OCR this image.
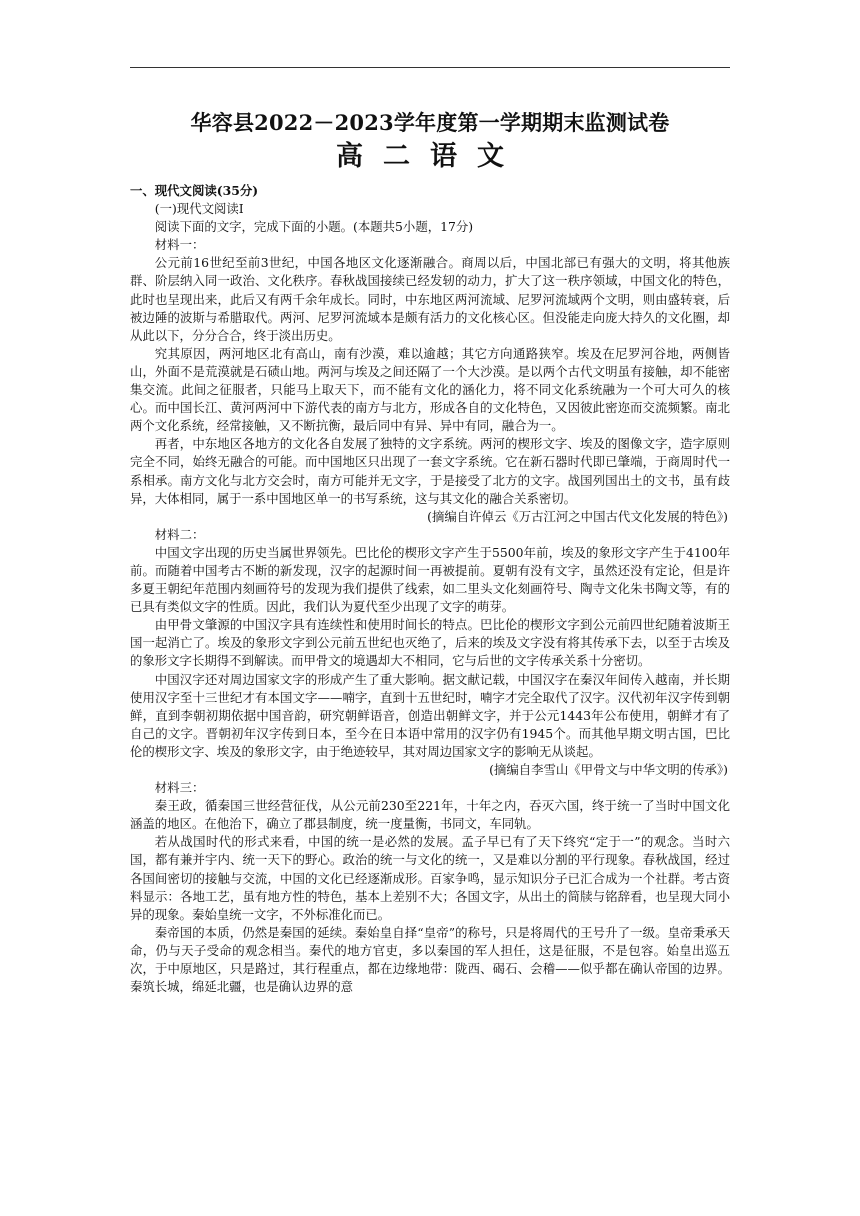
华容县2022－2023学年度第一学期期末监测试卷
高二语文

一、现代文阅读(35分)

(一)现代文阅读Ⅰ

阅读下面的文字，完成下面的小题。(本题共5小题，17分)

材料一：

公元前16世纪至前3世纪，中国各地区文化逐渐融合。商周以后，中国北部已有强大的文明，将其他族群、阶层纳入同一政治、文化秩序。春秋战国接续已经发轫的动力，扩大了这一秩序领域，中国文化的特色，此时也呈现出来，此后又有两千余年成长。同时，中东地区两河流域、尼罗河流域两个文明，则由盛转衰，后被边陲的波斯与希腊取代。两河、尼罗河流域本是颇有活力的文化核心区。但没能走向庞大持久的文化圈，却从此以下，分分合合，终于淡出历史。

究其原因，两河地区北有高山，南有沙漠，难以逾越；其它方向通路狭窄。埃及在尼罗河谷地，两侧皆山，外面不是荒漠就是石碛山地。两河与埃及之间还隔了一个大沙漠。是以两个古代文明虽有接触，却不能密集交流。此间之征服者，只能马上取天下，而不能有文化的涵化力，将不同文化系统融为一个可大可久的核心。而中国长江、黄河两河中下游代表的南方与北方，形成各自的文化特色，又因彼此密迩而交流频繁。南北两个文化系统，经常接触，又不断抗衡，最后同中有异、异中有同，融合为一。

再者，中东地区各地方的文化各自发展了独特的文字系统。两河的楔形文字、埃及的图像文字，造字原则完全不同，始终无融合的可能。而中国地区只出现了一套文字系统。它在新石器时代即已肇端，于商周时代一系相承。南方文化与北方交会时，南方可能并无文字，于是接受了北方的文字。战国列国出土的文书，虽有歧异，大体相同，属于一系中国地区单一的书写系统，这与其文化的融合关系密切。

(摘编自许倬云《万古江河之中国古代文化发展的特色》)

材料二：

中国文字出现的历史当属世界领先。巴比伦的楔形文字产生于5500年前，埃及的象形文字产生于4100年前。而随着中国考古不断的新发现，汉字的起源时间一再被提前。夏朝有没有文字，虽然还没有定论，但是许多夏王朝纪年范围内刻画符号的发现为我们提供了线索，如二里头文化刻画符号、陶寺文化朱书陶文等，有的已具有类似文字的性质。因此，我们认为夏代至少出现了文字的萌芽。

由甲骨文肇源的中国汉字具有连续性和使用时间长的特点。巴比伦的楔形文字到公元前四世纪随着波斯王国一起消亡了。埃及的象形文字到公元前五世纪也灭绝了，后来的埃及文字没有将其传承下去，以至于古埃及的象形文字长期得不到解读。而甲骨文的境遇却大不相同，它与后世的文字传承关系十分密切。

中国汉字还对周边国家文字的形成产生了重大影响。据文献记载，中国汉字在秦汉年间传入越南，并长期使用汉字至十三世纪才有本国文字——喃字，直到十五世纪时，喃字才完全取代了汉字。汉代初年汉字传到朝鲜，直到李朝初期依据中国音韵，研究朝鲜语音，创造出朝鲜文字，并于公元1443年公布使用，朝鲜才有了自己的文字。晋朝初年汉字传到日本，至今在日本语中常用的汉字仍有1945个。而其他早期文明古国，巴比伦的楔形文字、埃及的象形文字，由于绝迹较早，其对周边国家文字的影响无从谈起。

(摘编自李雪山《甲骨文与中华文明的传承》)

材料三：

秦王政，循秦国三世经营征伐，从公元前230至221年，十年之内，吞灭六国，终于统一了当时中国文化涵盖的地区。在他治下，确立了郡县制度，统一度量衡，书同文，车同轨。

若从战国时代的形式来看，中国的统一是必然的发展。孟子早已有了天下终究“定于一”的观念。当时六国，都有兼并宇内、统一天下的野心。政治的统一与文化的统一，又是难以分割的平行现象。春秋战国，经过各国间密切的接触与交流，中国的文化已经逐渐成形。百家争鸣，显示知识分子已汇合成为一个社群。考古资料显示：各地工艺，虽有地方性的特色，基本上差别不大；各国文字，从出土的简牍与铭辞看，也呈现大同小异的现象。秦始皇统一文字，不外标准化而已。

秦帝国的本质，仍然是秦国的延续。秦始皇自择“皇帝”的称号，只是将周代的王号升了一级。皇帝秉承天命，仍与天子受命的观念相当。秦代的地方官吏，多以秦国的军人担任，这是征服，不是包容。始皇出巡五次，于中原地区，只是路过，其行程重点，都在边缘地带：陇西、碣石、会稽——似乎都在确认帝国的边界。秦筑长城，绵延北疆，也是确认边界的意
